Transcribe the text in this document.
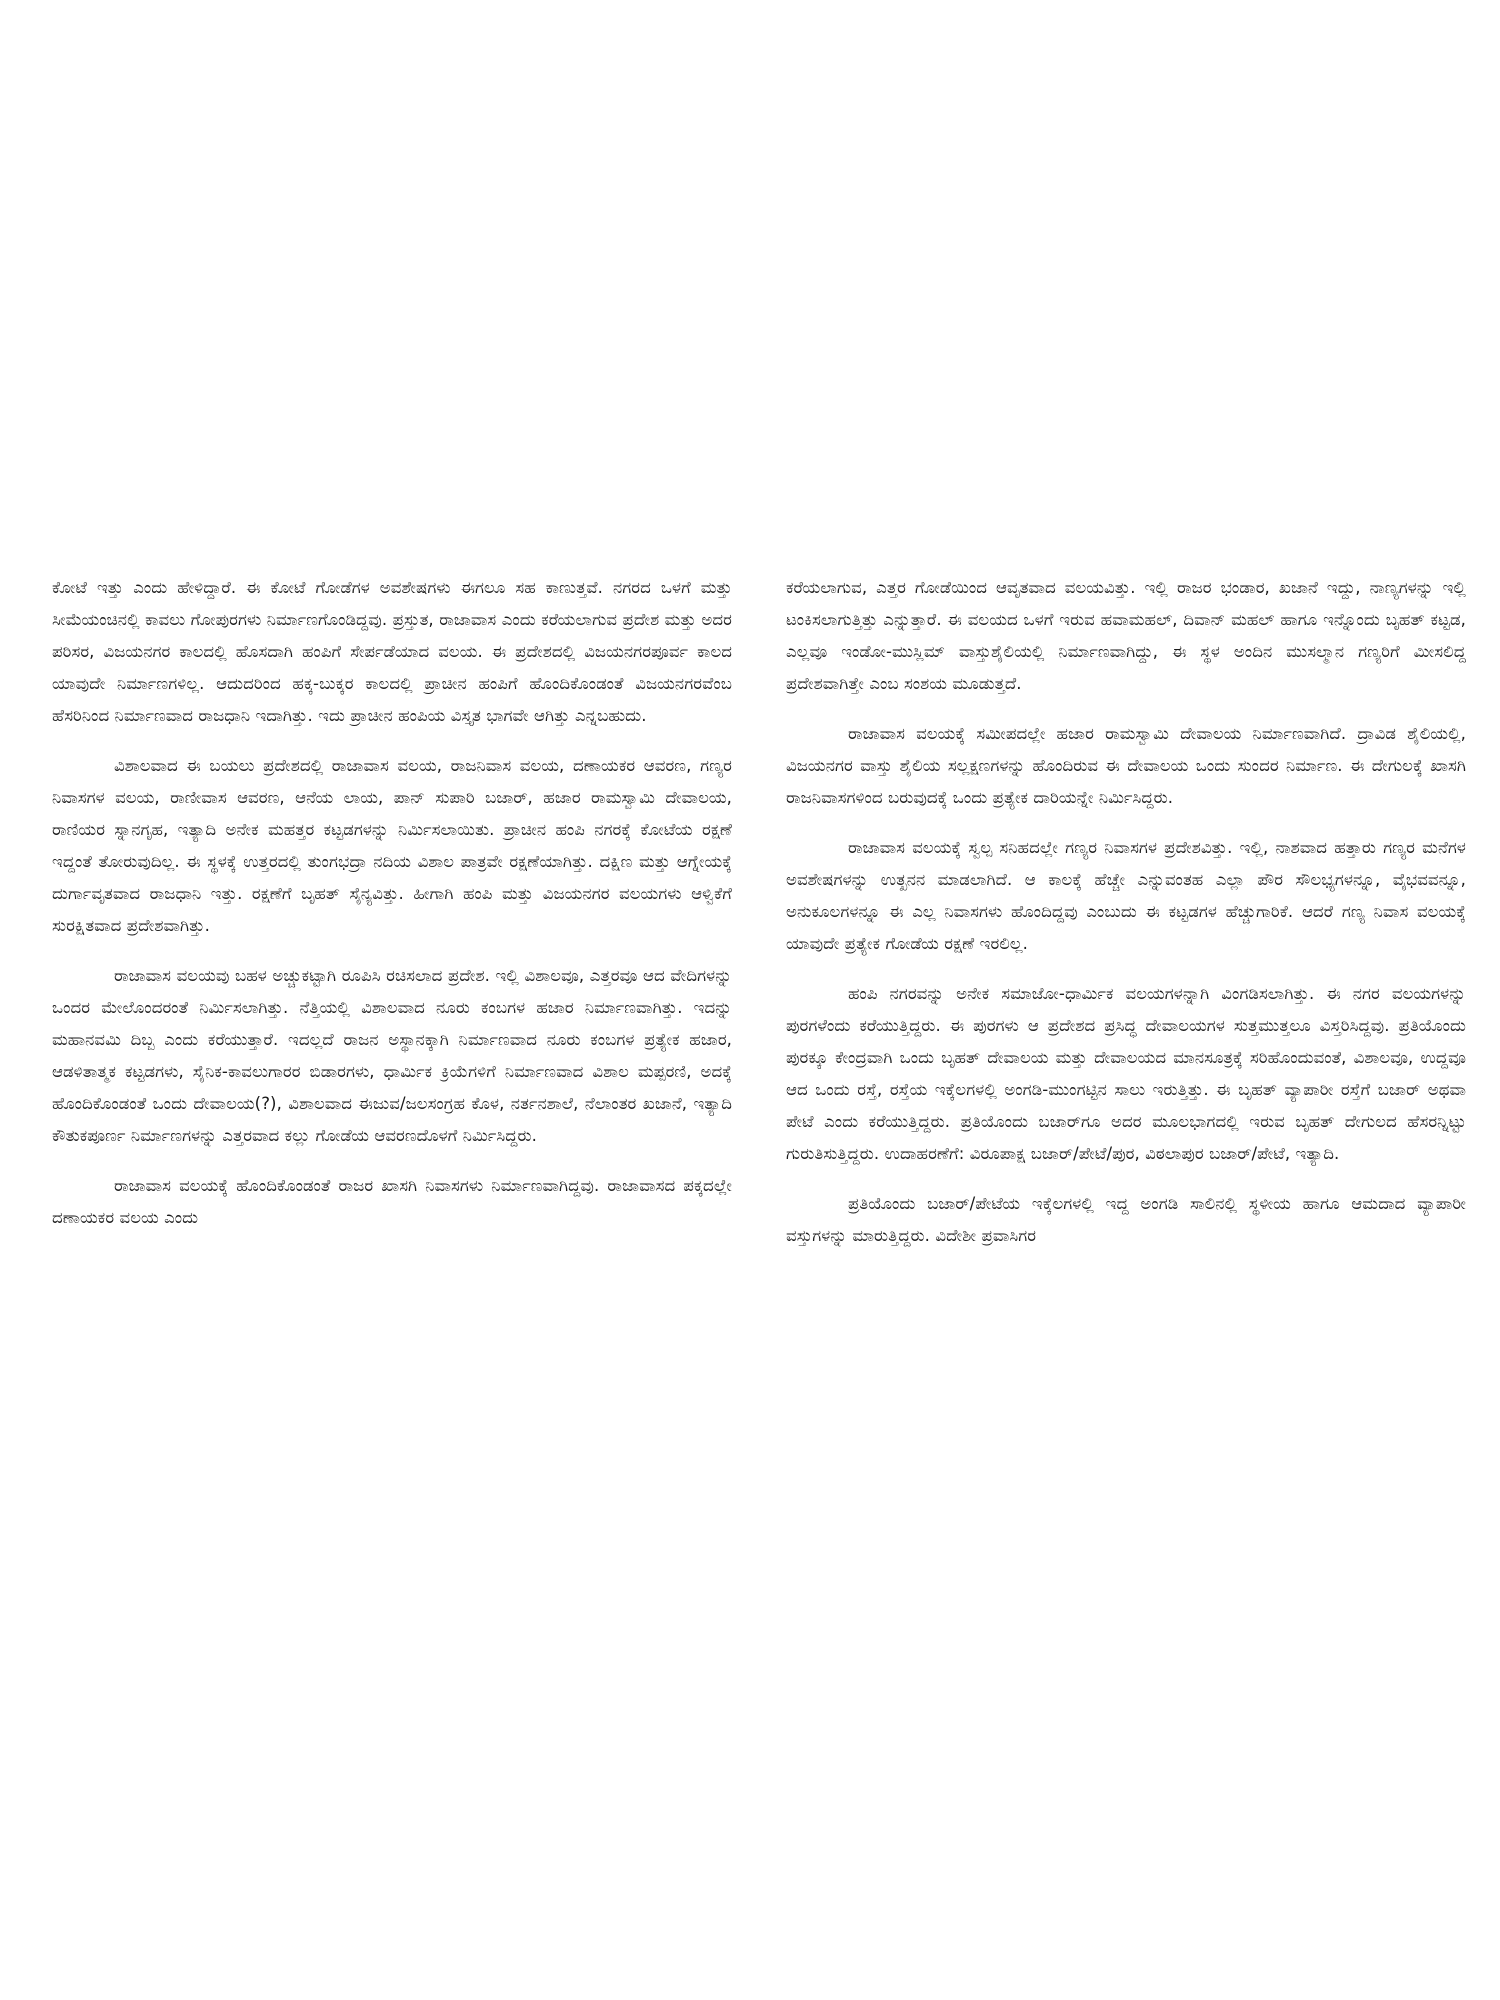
ಕೋಟೆ ಇತ್ತು ಎಂದು ಹೇಳಿದ್ದಾರೆ. ಈ ಕೋಟೆ ಗೋಡೆಗಳ ಅವಶೇಷಗಳು ಈಗಲೂ ಸಹ ಕಾಣುತ್ತವೆ. ನಗರದ ಒಳಗೆ ಮತ್ತು ಸೀಮೆಯಂಚಿನಲ್ಲಿ ಕಾವಲು ಗೋಪುರಗಳು ನಿರ್ಮಾಣಗೊಂಡಿದ್ದವು. ಪ್ರಸ್ತುತ, ರಾಜಾವಾಸ ಎಂದು ಕರೆಯಲಾಗುವ ಪ್ರದೇಶ ಮತ್ತು ಅದರ ಪರಿಸರ, ವಿಜಯನಗರ ಕಾಲದಲ್ಲಿ ಹೊಸದಾಗಿ ಹಂಪಿಗೆ ಸೇರ್ಪಡೆಯಾದ ವಲಯ. ಈ ಪ್ರದೇಶದಲ್ಲಿ ವಿಜಯನಗರಪೂರ್ವ ಕಾಲದ ಯಾವುದೇ ನಿರ್ಮಾಣಗಳಿಲ್ಲ. ಆದುದರಿಂದ ಹಕ್ಕ-ಬುಕ್ಕರ ಕಾಲದಲ್ಲಿ ಪ್ರಾಚೀನ ಹಂಪಿಗೆ ಹೊಂದಿಕೊಂಡಂತೆ ವಿಜಯನಗರವೆಂಬ ಹೆಸರಿನಿಂದ ನಿರ್ಮಾಣವಾದ ರಾಜಧಾನಿ ಇದಾಗಿತ್ತು. ಇದು ಪ್ರಾಚೀನ ಹಂಪಿಯ ವಿಸ್ತೃತ ಭಾಗವೇ ಆಗಿತ್ತು ಎನ್ನಬಹುದು.

ವಿಶಾಲವಾದ ಈ ಬಯಲು ಪ್ರದೇಶದಲ್ಲಿ ರಾಜಾವಾಸ ವಲಯ, ರಾಜನಿವಾಸ ವಲಯ, ದಣಾಯಕರ ಆವರಣ, ಗಣ್ಯರ ನಿವಾಸಗಳ ವಲಯ, ರಾಣೀವಾಸ ಆವರಣ, ಆನೆಯ ಲಾಯ, ಪಾನ್ ಸುಪಾರಿ ಬಜಾರ್, ಹಜಾರ ರಾಮಸ್ವಾಮಿ ದೇವಾಲಯ, ರಾಣಿಯರ ಸ್ನಾನಗೃಹ, ಇತ್ಯಾದಿ ಅನೇಕ ಮಹತ್ತರ ಕಟ್ಟಡಗಳನ್ನು ನಿರ್ಮಿಸಲಾಯಿತು. ಪ್ರಾಚೀನ ಹಂಪಿ ನಗರಕ್ಕೆ ಕೋಟೆಯ ರಕ್ಷಣೆ ಇದ್ದಂತೆ ತೋರುವುದಿಲ್ಲ. ಈ ಸ್ಥಳಕ್ಕೆ ಉತ್ತರದಲ್ಲಿ ತುಂಗಭದ್ರಾ ನದಿಯ ವಿಶಾಲ ಪಾತ್ರವೇ ರಕ್ಷಣೆಯಾಗಿತ್ತು. ದಕ್ಷಿಣ ಮತ್ತು ಆಗ್ನೇಯಕ್ಕೆ ದುರ್ಗಾವೃತವಾದ ರಾಜಧಾನಿ ಇತ್ತು. ರಕ್ಷಣೆಗೆ ಬೃಹತ್ ಸೈನ್ಯವಿತ್ತು. ಹೀಗಾಗಿ ಹಂಪಿ ಮತ್ತು ವಿಜಯನಗರ ವಲಯಗಳು ಆಳ್ವಿಕೆಗೆ ಸುರಕ್ಷಿತವಾದ ಪ್ರದೇಶವಾಗಿತ್ತು.

ರಾಜಾವಾಸ ವಲಯವು ಬಹಳ ಅಚ್ಚುಕಟ್ಟಾಗಿ ರೂಪಿಸಿ ರಚಿಸಲಾದ ಪ್ರದೇಶ. ಇಲ್ಲಿ ವಿಶಾಲವೂ, ಎತ್ತರವೂ ಆದ ವೇದಿಗಳನ್ನು ಒಂದರ ಮೇಲೊಂದರಂತೆ ನಿರ್ಮಿಸಲಾಗಿತ್ತು. ನೆತ್ತಿಯಲ್ಲಿ ವಿಶಾಲವಾದ ನೂರು ಕಂಬಗಳ ಹಜಾರ ನಿರ್ಮಾಣವಾಗಿತ್ತು. ಇದನ್ನು ಮಹಾನವಮಿ ದಿಬ್ಬ ಎಂದು ಕರೆಯುತ್ತಾರೆ. ಇದಲ್ಲದೆ ರಾಜನ ಅಸ್ಥಾನಕ್ಕಾಗಿ ನಿರ್ಮಾಣವಾದ ನೂರು ಕಂಬಗಳ ಪ್ರತ್ಯೇಕ ಹಜಾರ, ಆಡಳಿತಾತ್ಮಕ ಕಟ್ಟಡಗಳು, ಸೈನಿಕ-ಕಾವಲುಗಾರರ ಬಿಡಾರಗಳು, ಧಾರ್ಮಿಕ ಕ್ರಿಯೆಗಳಿಗೆ ನಿರ್ಮಾಣವಾದ ವಿಶಾಲ ಮಪ್ಪರಣಿ, ಅದಕ್ಕೆ ಹೊಂದಿಕೊಂಡಂತೆ ಒಂದು ದೇವಾಲಯ(?), ವಿಶಾಲವಾದ ಈಜುವ/ಜಲಸಂಗ್ರಹ ಕೊಳ, ನರ್ತನಶಾಲೆ, ನೆಲಾಂತರ ಖಜಾನೆ, ಇತ್ಯಾದಿ ಕೌತುಕಪೂರ್ಣ ನಿರ್ಮಾಣಗಳನ್ನು ಎತ್ತರವಾದ ಕಲ್ಲು ಗೋಡೆಯ ಆವರಣದೊಳಗೆ ನಿರ್ಮಿಸಿದ್ದರು.

ರಾಜಾವಾಸ ವಲಯಕ್ಕೆ ಹೊಂದಿಕೊಂಡಂತೆ ರಾಜರ ಖಾಸಗಿ ನಿವಾಸಗಳು ನಿರ್ಮಾಣವಾಗಿದ್ದವು. ರಾಜಾವಾಸದ ಪಕ್ಕದಲ್ಲೇ ದಣಾಯಕರ ವಲಯ ಎಂದು

ಕರೆಯಲಾಗುವ, ಎತ್ತರ ಗೋಡೆಯಿಂದ ಆವೃತವಾದ ವಲಯವಿತ್ತು. ಇಲ್ಲಿ ರಾಜರ ಭಂಡಾರ, ಖಜಾನೆ ಇದ್ದು, ನಾಣ್ಯಗಳನ್ನು ಇಲ್ಲಿ ಟಂಕಿಸಲಾಗುತ್ತಿತ್ತು ಎನ್ನುತ್ತಾರೆ. ಈ ವಲಯದ ಒಳಗೆ ಇರುವ ಹವಾಮಹಲ್, ದಿವಾನ್ ಮಹಲ್ ಹಾಗೂ ಇನ್ನೊಂದು ಬೃಹತ್ ಕಟ್ಟಡ, ಎಲ್ಲವೂ ಇಂಡೋ-ಮುಸ್ಲಿಮ್ ವಾಸ್ತುಶೈಲಿಯಲ್ಲಿ ನಿರ್ಮಾಣವಾಗಿದ್ದು, ಈ ಸ್ಥಳ ಅಂದಿನ ಮುಸಲ್ಮಾನ ಗಣ್ಯರಿಗೆ ಮೀಸಲಿದ್ದ ಪ್ರದೇಶವಾಗಿತ್ತೇ ಎಂಬ ಸಂಶಯ ಮೂಡುತ್ತದೆ.

ರಾಜಾವಾಸ ವಲಯಕ್ಕೆ ಸಮೀಪದಲ್ಲೇ ಹಜಾರ ರಾಮಸ್ವಾಮಿ ದೇವಾಲಯ ನಿರ್ಮಾಣವಾಗಿದೆ. ದ್ರಾವಿಡ ಶೈಲಿಯಲ್ಲಿ, ವಿಜಯನಗರ ವಾಸ್ತು ಶೈಲಿಯ ಸಲ್ಲಕ್ಷಣಗಳನ್ನು ಹೊಂದಿರುವ ಈ ದೇವಾಲಯ ಒಂದು ಸುಂದರ ನಿರ್ಮಾಣ. ಈ ದೇಗುಲಕ್ಕೆ ಖಾಸಗಿ ರಾಜನಿವಾಸಗಳಿಂದ ಬರುವುದಕ್ಕೆ ಒಂದು ಪ್ರತ್ಯೇಕ ದಾರಿಯನ್ನೇ ನಿರ್ಮಿಸಿದ್ದರು.

ರಾಜಾವಾಸ ವಲಯಕ್ಕೆ ಸ್ವಲ್ಪ ಸನಿಹದಲ್ಲೇ ಗಣ್ಯರ ನಿವಾಸಗಳ ಪ್ರದೇಶವಿತ್ತು. ಇಲ್ಲಿ, ನಾಶವಾದ ಹತ್ತಾರು ಗಣ್ಯರ ಮನೆಗಳ ಅವಶೇಷಗಳನ್ನು ಉತ್ಖನನ ಮಾಡಲಾಗಿದೆ. ಆ ಕಾಲಕ್ಕೆ ಹೆಚ್ಚೇ ಎನ್ನುವಂತಹ ಎಲ್ಲಾ ಪೌರ ಸೌಲಭ್ಯಗಳನ್ನೂ, ವೈಭವವನ್ನೂ, ಅನುಕೂಲಗಳನ್ನೂ ಈ ಎಲ್ಲ ನಿವಾಸಗಳು ಹೊಂದಿದ್ದವು ಎಂಬುದು ಈ ಕಟ್ಟಡಗಳ ಹೆಚ್ಚುಗಾರಿಕೆ. ಆದರೆ ಗಣ್ಯ ನಿವಾಸ ವಲಯಕ್ಕೆ ಯಾವುದೇ ಪ್ರತ್ಯೇಕ ಗೋಡೆಯ ರಕ್ಷಣೆ ಇರಲಿಲ್ಲ.

ಹಂಪಿ ನಗರವನ್ನು ಅನೇಕ ಸಮಾಜೋ-ಧಾರ್ಮಿಕ ವಲಯಗಳನ್ನಾಗಿ ವಿಂಗಡಿಸಲಾಗಿತ್ತು. ಈ ನಗರ ವಲಯಗಳನ್ನು ಪುರಗಳೆಂದು ಕರೆಯುತ್ತಿದ್ದರು. ಈ ಪುರಗಳು ಆ ಪ್ರದೇಶದ ಪ್ರಸಿದ್ಧ ದೇವಾಲಯಗಳ ಸುತ್ತಮುತ್ತಲೂ ವಿಸ್ತರಿಸಿದ್ದವು. ಪ್ರತಿಯೊಂದು ಪುರಕ್ಕೂ ಕೇಂದ್ರವಾಗಿ ಒಂದು ಬೃಹತ್ ದೇವಾಲಯ ಮತ್ತು ದೇವಾಲಯದ ಮಾನಸೂತ್ರಕ್ಕೆ ಸರಿಹೊಂದುವಂತೆ, ವಿಶಾಲವೂ, ಉದ್ದವೂ ಆದ ಒಂದು ರಸ್ತೆ, ರಸ್ತೆಯ ಇಕ್ಕೆಲಗಳಲ್ಲಿ ಅಂಗಡಿ-ಮುಂಗಟ್ಟಿನ ಸಾಲು ಇರುತ್ತಿತ್ತು. ಈ ಬೃಹತ್ ವ್ಯಾಪಾರೀ ರಸ್ತೆಗೆ ಬಜಾರ್ ಅಥವಾ ಪೇಟೆ ಎಂದು ಕರೆಯುತ್ತಿದ್ದರು. ಪ್ರತಿಯೊಂದು ಬಜಾರ್‌ಗೂ ಅದರ ಮೂಲಭಾಗದಲ್ಲಿ ಇರುವ ಬೃಹತ್ ದೇಗುಲದ ಹೆಸರನ್ನಿಟ್ಟು ಗುರುತಿಸುತ್ತಿದ್ದರು. ಉದಾಹರಣೆಗೆ: ವಿರೂಪಾಕ್ಷ ಬಜಾರ್/ಪೇಟೆ/ಪುರ, ವಿಠಲಾಪುರ ಬಜಾರ್/ಪೇಟೆ, ಇತ್ಯಾದಿ.

ಪ್ರತಿಯೊಂದು ಬಜಾರ್/ಪೇಟೆಯ ಇಕ್ಕೆಲಗಳಲ್ಲಿ ಇದ್ದ ಅಂಗಡಿ ಸಾಲಿನಲ್ಲಿ ಸ್ಥಳೀಯ ಹಾಗೂ ಆಮದಾದ ವ್ಯಾಪಾರೀ ವಸ್ತುಗಳನ್ನು ಮಾರುತ್ತಿದ್ದರು. ವಿದೇಶೀ ಪ್ರವಾಸಿಗರ
